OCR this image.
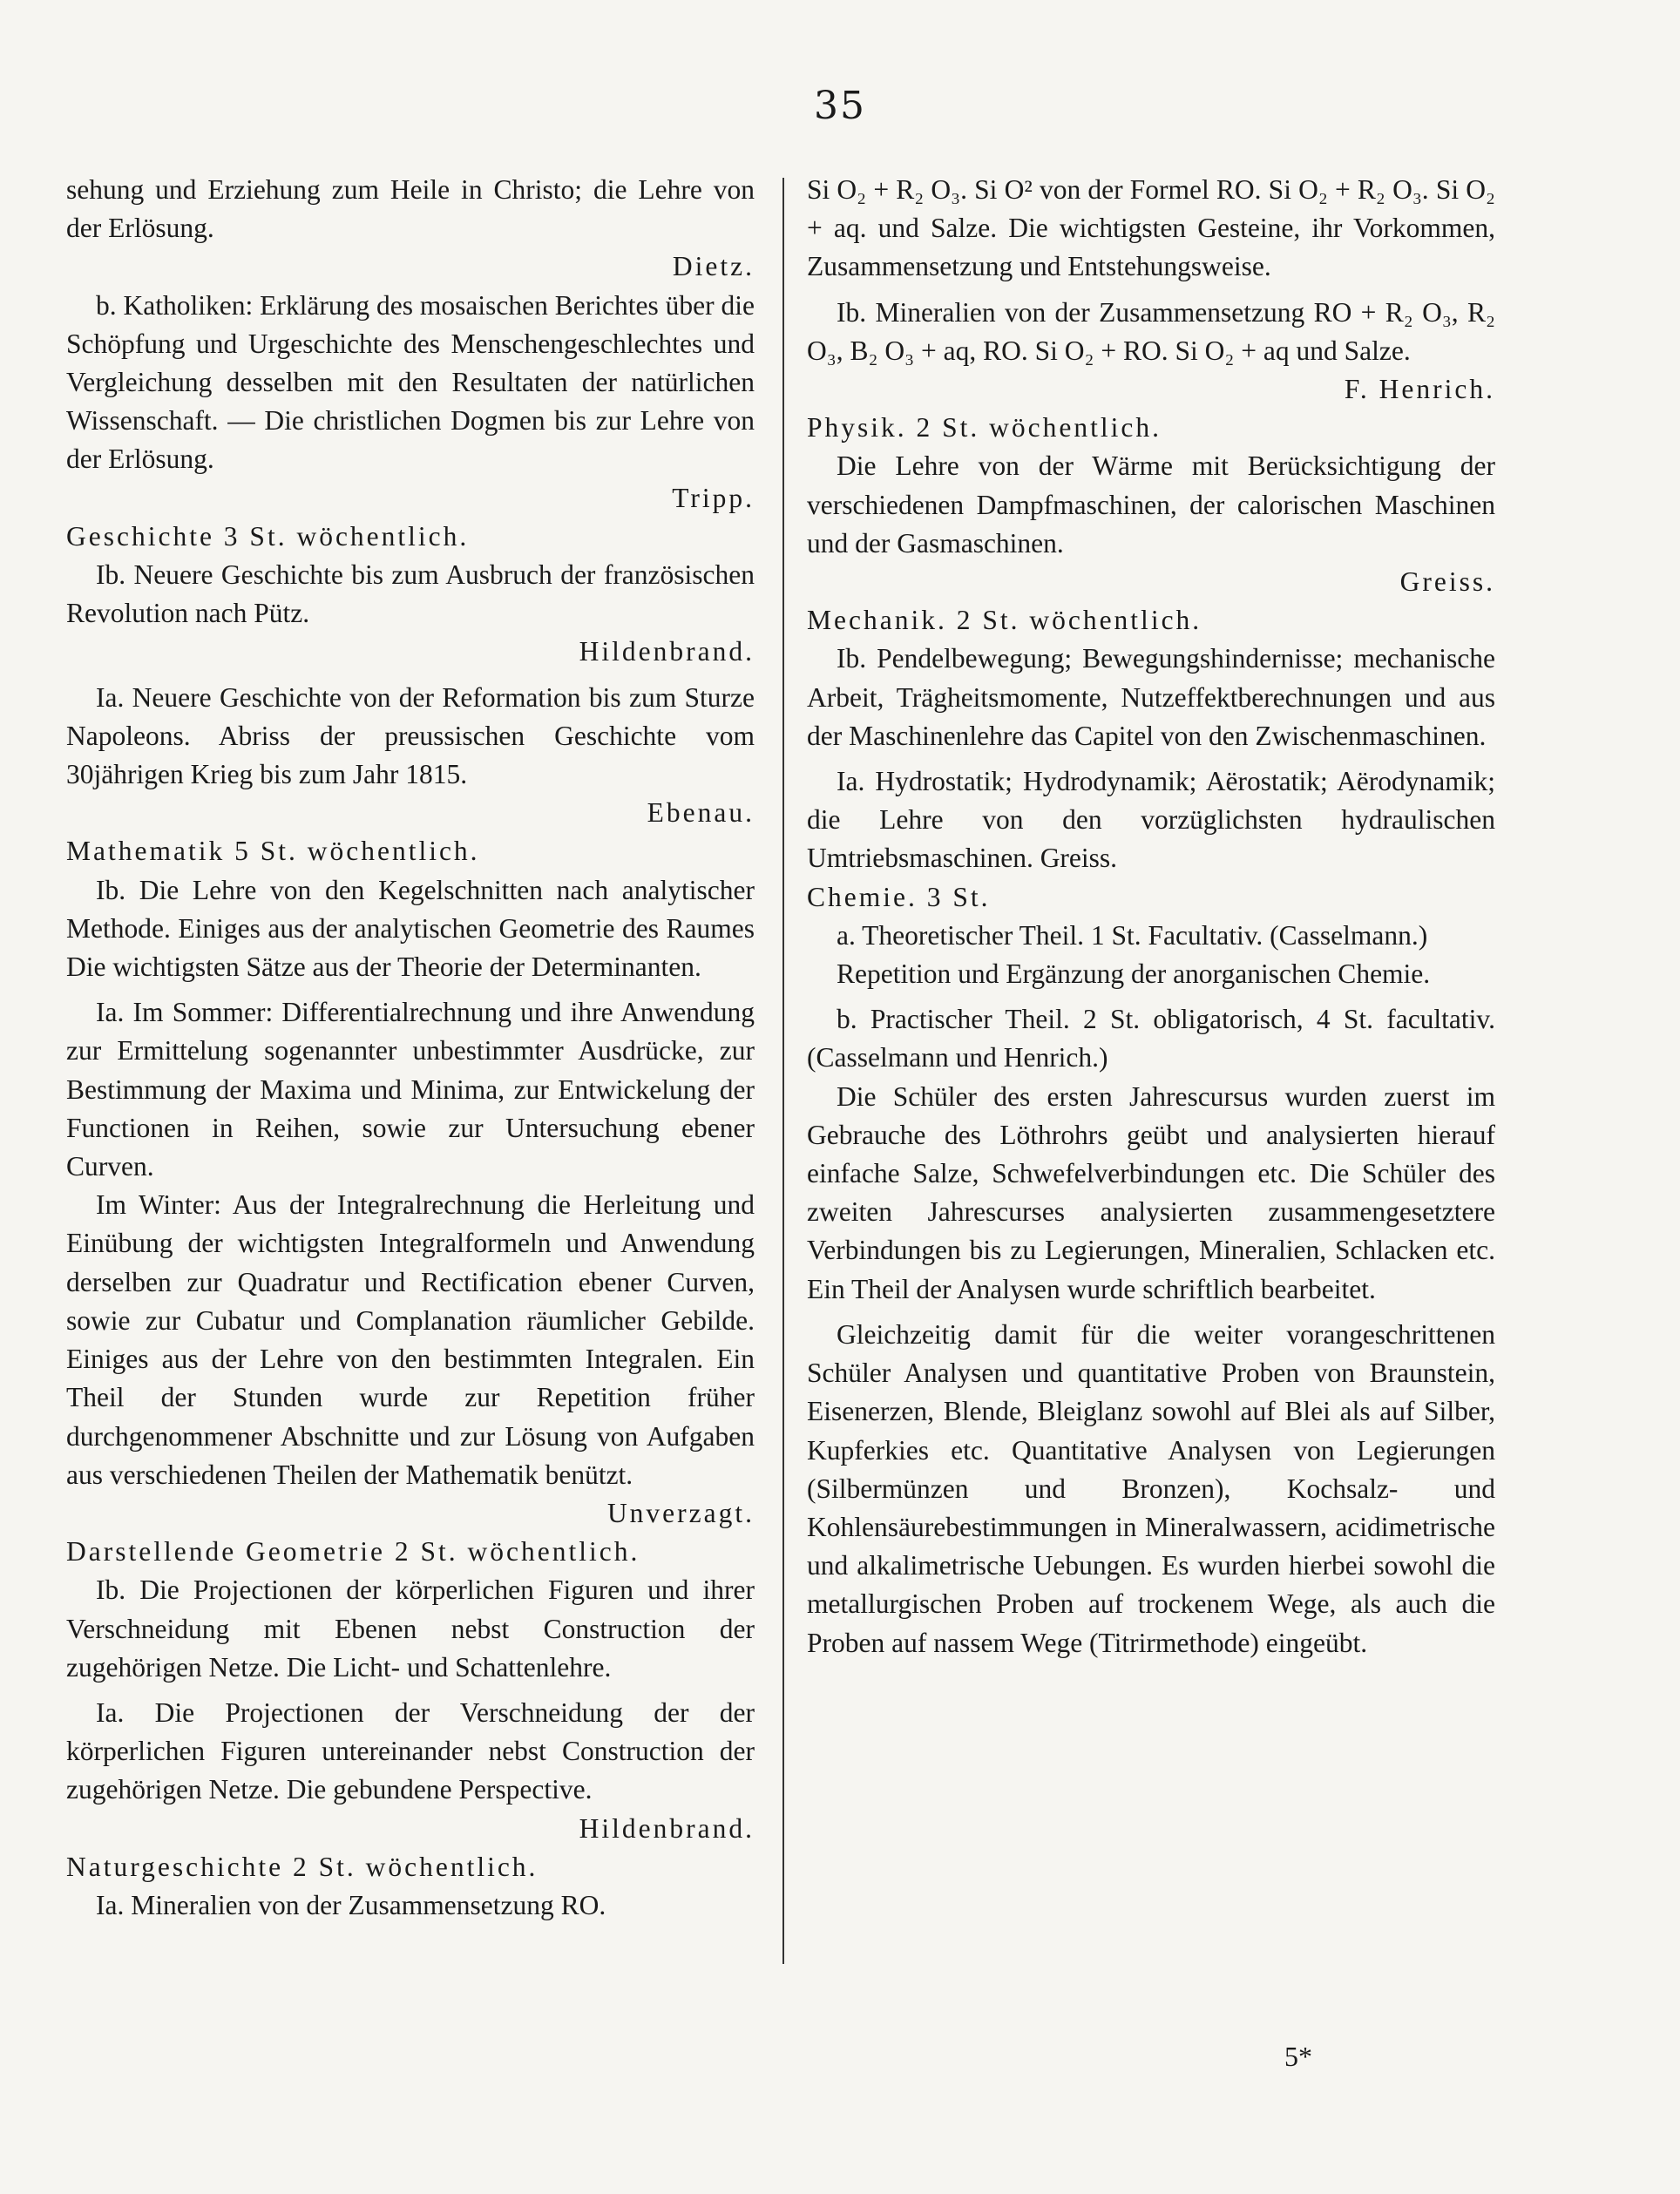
35

sehung und Erziehung zum Heile in Christo; die Lehre von der Erlösung.

Dietz.

b. Katholiken: Erklärung des mosaischen Berichtes über die Schöpfung und Urgeschichte des Menschengeschlechtes und Vergleichung desselben mit den Resultaten der natürlichen Wissenschaft. — Die christlichen Dogmen bis zur Lehre von der Erlösung.

Tripp.

Geschichte 3 St. wöchentlich.

Ib. Neuere Geschichte bis zum Ausbruch der französischen Revolution nach Pütz.

Hildenbrand.

Ia. Neuere Geschichte von der Reformation bis zum Sturze Napoleons. Abriss der preussischen Geschichte vom 30jährigen Krieg bis zum Jahr 1815.

Ebenau.

Mathematik 5 St. wöchentlich.

Ib. Die Lehre von den Kegelschnitten nach analytischer Methode. Einiges aus der analytischen Geometrie des Raumes Die wichtigsten Sätze aus der Theorie der Determinanten.

Ia. Im Sommer: Differentialrechnung und ihre Anwendung zur Ermittelung sogenannter unbestimmter Ausdrücke, zur Bestimmung der Maxima und Minima, zur Entwickelung der Functionen in Reihen, sowie zur Untersuchung ebener Curven.

Im Winter: Aus der Integralrechnung die Herleitung und Einübung der wichtigsten Integralformeln und Anwendung derselben zur Quadratur und Rectification ebener Curven, sowie zur Cubatur und Complanation räumlicher Gebilde. Einiges aus der Lehre von den bestimmten Integralen. Ein Theil der Stunden wurde zur Repetition früher durchgenommener Abschnitte und zur Lösung von Aufgaben aus verschiedenen Theilen der Mathematik benützt.

Unverzagt.

Darstellende Geometrie 2 St. wöchentlich.

Ib. Die Projectionen der körperlichen Figuren und ihrer Verschneidung mit Ebenen nebst Construction der zugehörigen Netze. Die Licht- und Schattenlehre.

Ia. Die Projectionen der Verschneidung der der körperlichen Figuren untereinander nebst Construction der zugehörigen Netze. Die gebundene Perspective.

Hildenbrand.

Naturgeschichte 2 St. wöchentlich.

Ia. Mineralien von der Zusammensetzung RO.

Si O₂ + R₂ O₃. Si O² von der Formel RO. Si O₂ + R₂ O₃. Si O₂ + aq. und Salze. Die wichtigsten Gesteine, ihr Vorkommen, Zusammensetzung und Entstehungsweise.

Ib. Mineralien von der Zusammensetzung RO + R₂ O₃, R₂ O₃, B₂ O₃ + aq, RO. Si O₂ + RO. Si O₂ + aq und Salze.

F. Henrich.

Physik. 2 St. wöchentlich.

Die Lehre von der Wärme mit Berücksichtigung der verschiedenen Dampfmaschinen, der calorischen Maschinen und der Gasmaschinen.

Greiss.

Mechanik. 2 St. wöchentlich.

Ib. Pendelbewegung; Bewegungshindernisse; mechanische Arbeit, Trägheitsmomente, Nutzeffektberechnungen und aus der Maschinenlehre das Capitel von den Zwischenmaschinen.

Ia. Hydrostatik; Hydrodynamik; Aërostatik; Aërodynamik; die Lehre von den vorzüglichsten hydraulischen Umtriebsmaschinen. Greiss.

Chemie. 3 St.

a. Theoretischer Theil. 1 St. Facultativ. (Casselmann.)

Repetition und Ergänzung der anorganischen Chemie.

b. Practischer Theil. 2 St. obligatorisch, 4 St. facultativ. (Casselmann und Henrich.)

Die Schüler des ersten Jahrescursus wurden zuerst im Gebrauche des Löthrohrs geübt und analysierten hierauf einfache Salze, Schwefelverbindungen etc. Die Schüler des zweiten Jahrescurses analysierten zusammengesetztere Verbindungen bis zu Legierungen, Mineralien, Schlacken etc. Ein Theil der Analysen wurde schriftlich bearbeitet.

Gleichzeitig damit für die weiter vorangeschrittenen Schüler Analysen und quantitative Proben von Braunstein, Eisenerzen, Blende, Bleiglanz sowohl auf Blei als auf Silber, Kupferkies etc. Quantitative Analysen von Legierungen (Silbermünzen und Bronzen), Kochsalz- und Kohlensäurebestimmungen in Mineralwassern, acidimetrische und alkalimetrische Uebungen. Es wurden hierbei sowohl die metallurgischen Proben auf trockenem Wege, als auch die Proben auf nassem Wege (Titrirmethode) eingeübt.

5*
